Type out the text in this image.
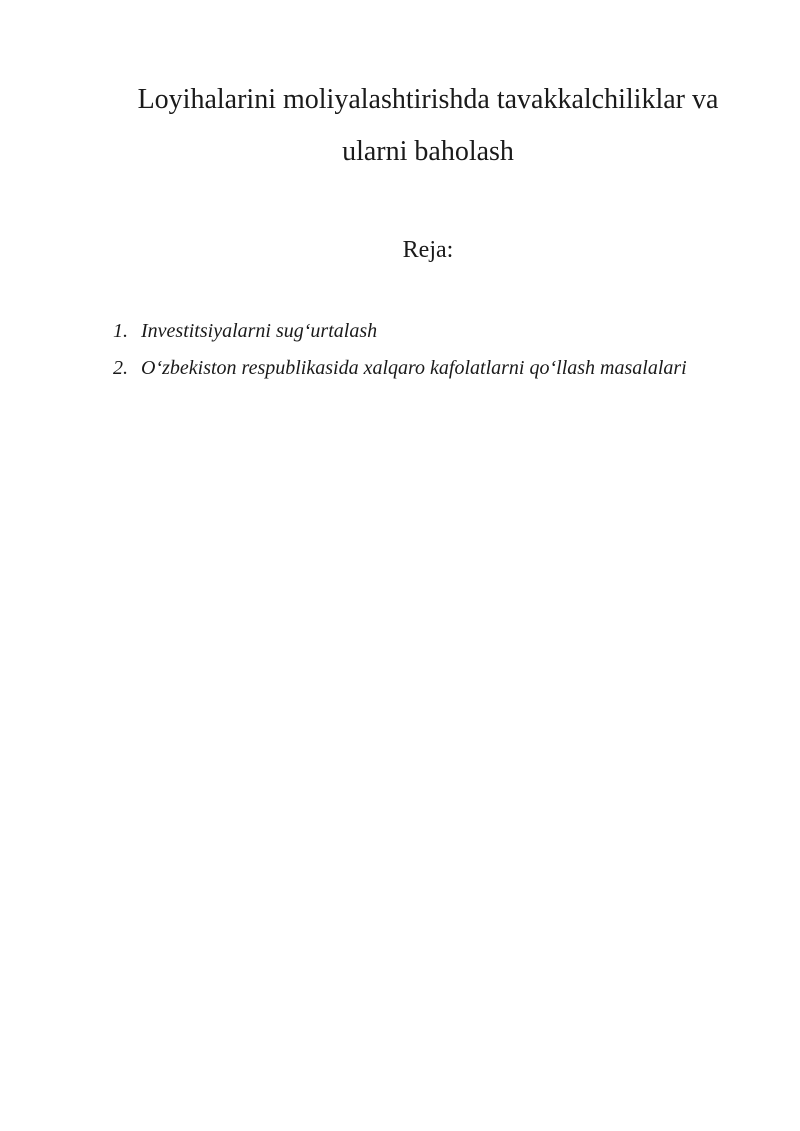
Loyihalarini moliyalashtirishda tavakkalchiliklar va
ularni baholash
Reja:
1. Investitsiyalarni sug‘urtalash
2. O‘zbekiston respublikasida xalqaro kafolatlarni qo‘llash masalalari
